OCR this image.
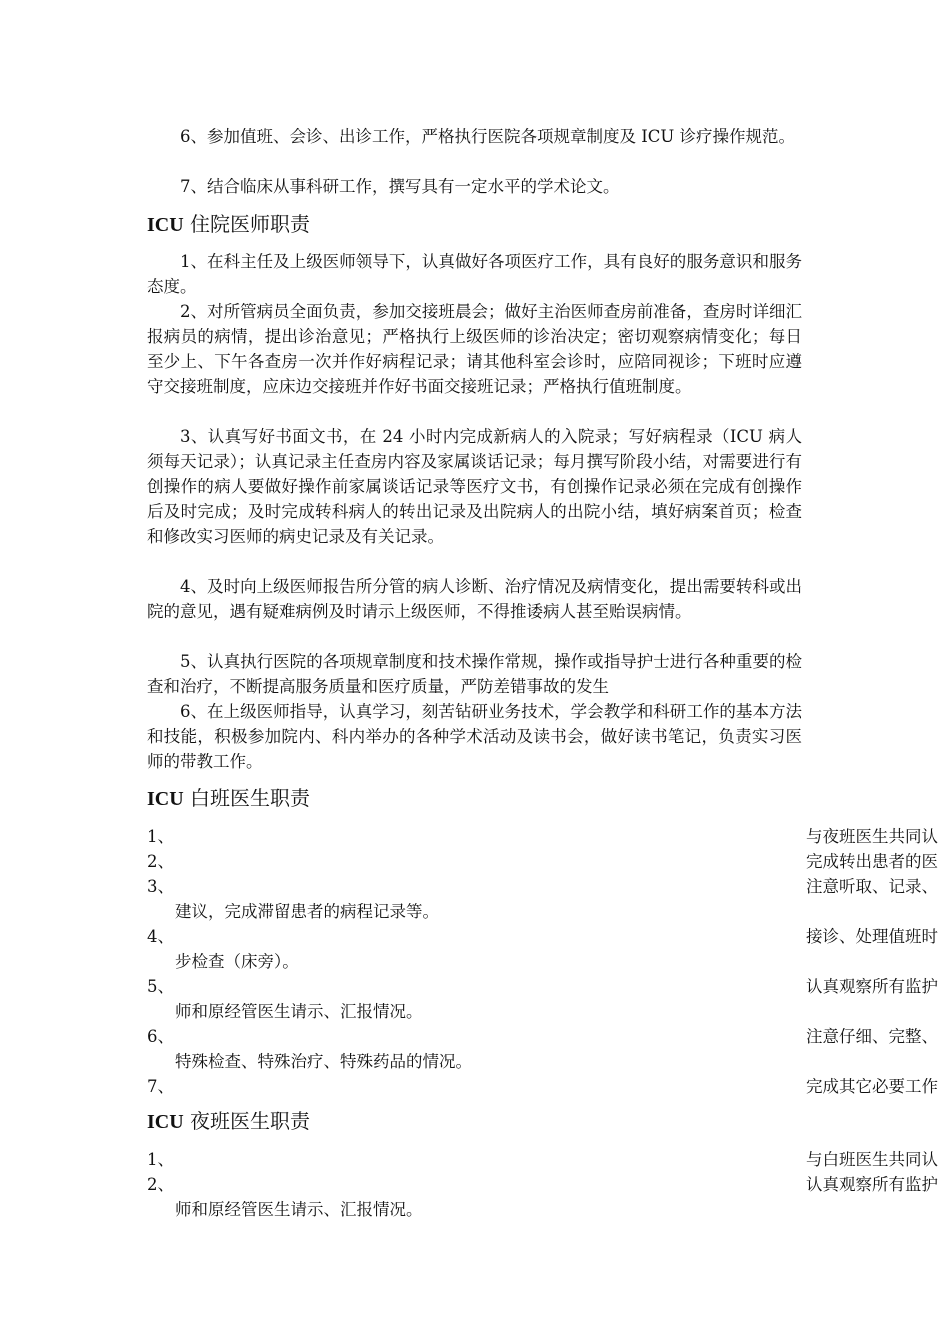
6、参加值班、会诊、出诊工作，严格执行医院各项规章制度及 ICU 诊疗操作规范。

7、结合临床从事科研工作，撰写具有一定水平的学术论文。

ICU 住院医师职责

1、在科主任及上级医师领导下，认真做好各项医疗工作，具有良好的服务意识和服务态度。

2、对所管病员全面负责，参加交接班晨会；做好主治医师查房前准备，查房时详细汇报病员的病情，提出诊治意见；严格执行上级医师的诊治决定；密切观察病情变化；每日至少上、下午各查房一次并作好病程记录；请其他科室会诊时，应陪同视诊；下班时应遵守交接班制度，应床边交接班并作好书面交接班记录；严格执行值班制度。

3、认真写好书面文书，在 24 小时内完成新病人的入院录；写好病程录（ICU 病人须每天记录）；认真记录主任查房内容及家属谈话记录；每月撰写阶段小结，对需要进行有创操作的病人要做好操作前家属谈话记录等医疗文书，有创操作记录必须在完成有创操作后及时完成；及时完成转科病人的转出记录及出院病人的出院小结，填好病案首页；检查和修改实习医师的病史记录及有关记录。

4、及时向上级医师报告所分管的病人诊断、治疗情况及病情变化，提出需要转科或出院的意见，遇有疑难病例及时请示上级医师，不得推诿病人甚至贻误病情。

5、认真执行医院的各项规章制度和技术操作常规，操作或指导护士进行各种重要的检查和治疗，不断提高服务质量和医疗质量，严防差错事故的发生

6、在上级医师指导，认真学习，刻苦钻研业务技术，学会教学和科研工作的基本方法和技能，积极参加院内、科内举办的各种学术活动及读书会，做好读书笔记，负责实习医师的带教工作。

ICU 白班医生职责
1、	与夜班医生共同认
2、	完成转出患者的医
3、	注意听取、记录、
建议，完成滞留患者的病程记录等。
4、	接诊、处理值班时
步检查（床旁）。
5、	认真观察所有监护
师和原经管医生请示、汇报情况。
6、	注意仔细、完整、
特殊检查、特殊治疗、特殊药品的情况。
7、	完成其它必要工作
ICU 夜班医生职责
1、	与白班医生共同认
2、	认真观察所有监护
师和原经管医生请示、汇报情况。
